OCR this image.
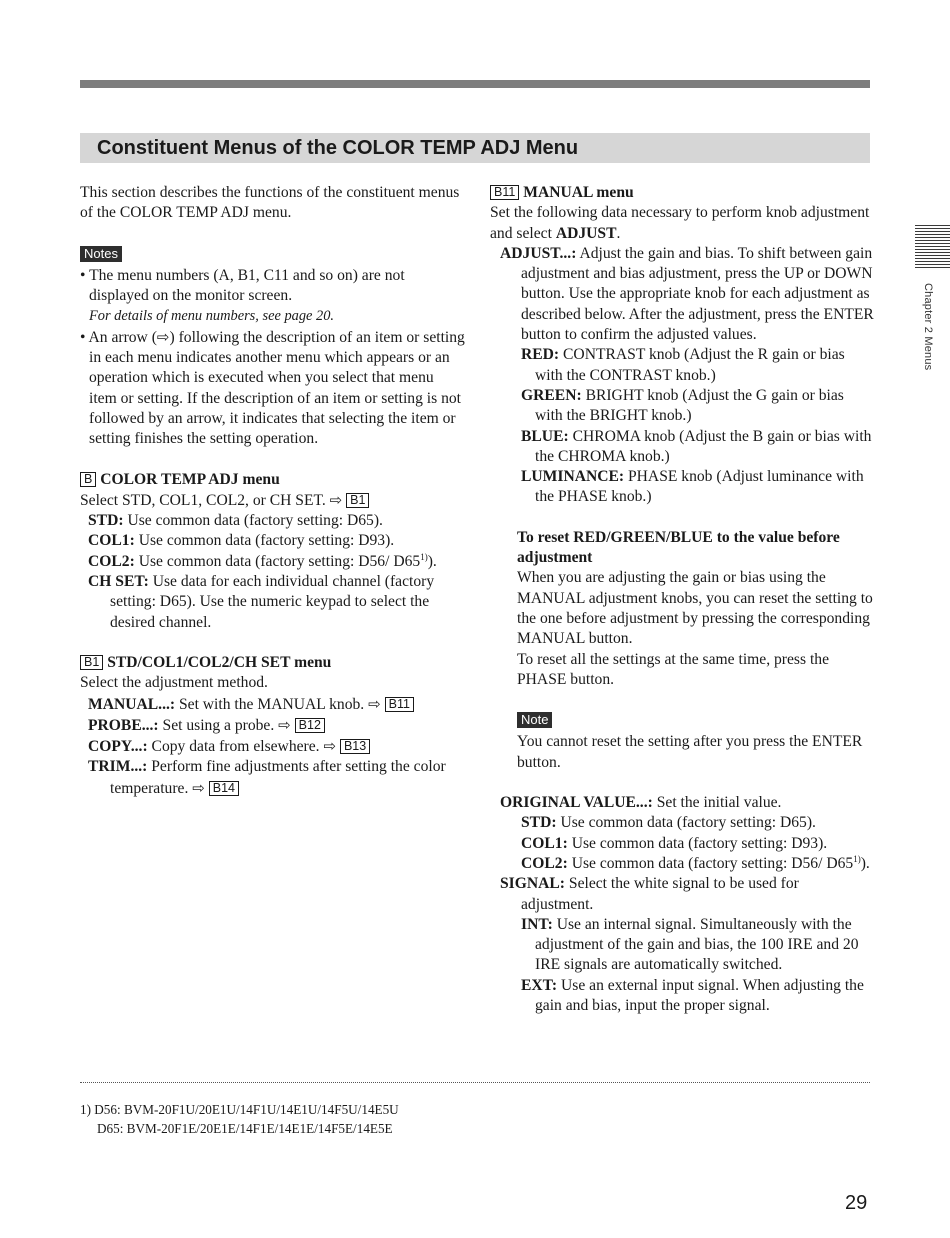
Constituent Menus of the COLOR TEMP ADJ Menu
Chapter 2 Menus

This section describes the functions of the constituent menus of the COLOR TEMP ADJ menu.

Notes

• The menu numbers (A, B1, C11 and so on) are not displayed on the monitor screen.

For details of menu numbers, see page 20.

• An arrow (⇨) following the description of an item or setting in each menu indicates another menu which appears or an operation which is executed when you select that menu item or setting. If the description of an item or setting is not followed by an arrow, it indicates that selecting the item or setting finishes the setting operation.

B COLOR TEMP ADJ menu

Select STD, COL1, COL2, or CH SET. ⇨ B1

STD: Use common data (factory setting: D65).

COL1: Use common data (factory setting: D93).

COL2: Use common data (factory setting: D56/ D65$^{1)}$).

CH SET: Use data for each individual channel (factory setting: D65). Use the numeric keypad to select the desired channel.

B1 STD/COL1/COL2/CH SET menu

Select the adjustment method.

MANUAL...: Set with the MANUAL knob. ⇨ B11

PROBE...: Set using a probe. ⇨ B12

COPY...: Copy data from elsewhere. ⇨ B13

TRIM...: Perform fine adjustments after setting the color temperature. ⇨ B14

B11 MANUAL menu

Set the following data necessary to perform knob adjustment and select ADJUST.

ADJUST...: Adjust the gain and bias. To shift between gain adjustment and bias adjustment, press the UP or DOWN button. Use the appropriate knob for each adjustment as described below. After the adjustment, press the ENTER button to confirm the adjusted values.

RED: CONTRAST knob (Adjust the R gain or bias with the CONTRAST knob.)

GREEN: BRIGHT knob (Adjust the G gain or bias with the BRIGHT knob.)

BLUE: CHROMA knob (Adjust the B gain or bias with the CHROMA knob.)

LUMINANCE: PHASE knob (Adjust luminance with the PHASE knob.)

To reset RED/GREEN/BLUE to the value before adjustment

When you are adjusting the gain or bias using the MANUAL adjustment knobs, you can reset the setting to the one before adjustment by pressing the corresponding MANUAL button.

To reset all the settings at the same time, press the PHASE button.

Note

You cannot reset the setting after you press the ENTER button.

ORIGINAL VALUE...: Set the initial value.

STD: Use common data (factory setting: D65).

COL1: Use common data (factory setting: D93).

COL2: Use common data (factory setting: D56/ D65$^{1)}$).

SIGNAL: Select the white signal to be used for adjustment.

INT: Use an internal signal. Simultaneously with the adjustment of the gain and bias, the 100 IRE and 20 IRE signals are automatically switched.

EXT: Use an external input signal. When adjusting the gain and bias, input the proper signal.

1) D56: BVM-20F1U/20E1U/14F1U/14E1U/14F5U/14E5U

D65: BVM-20F1E/20E1E/14F1E/14E1E/14F5E/14E5E

29
